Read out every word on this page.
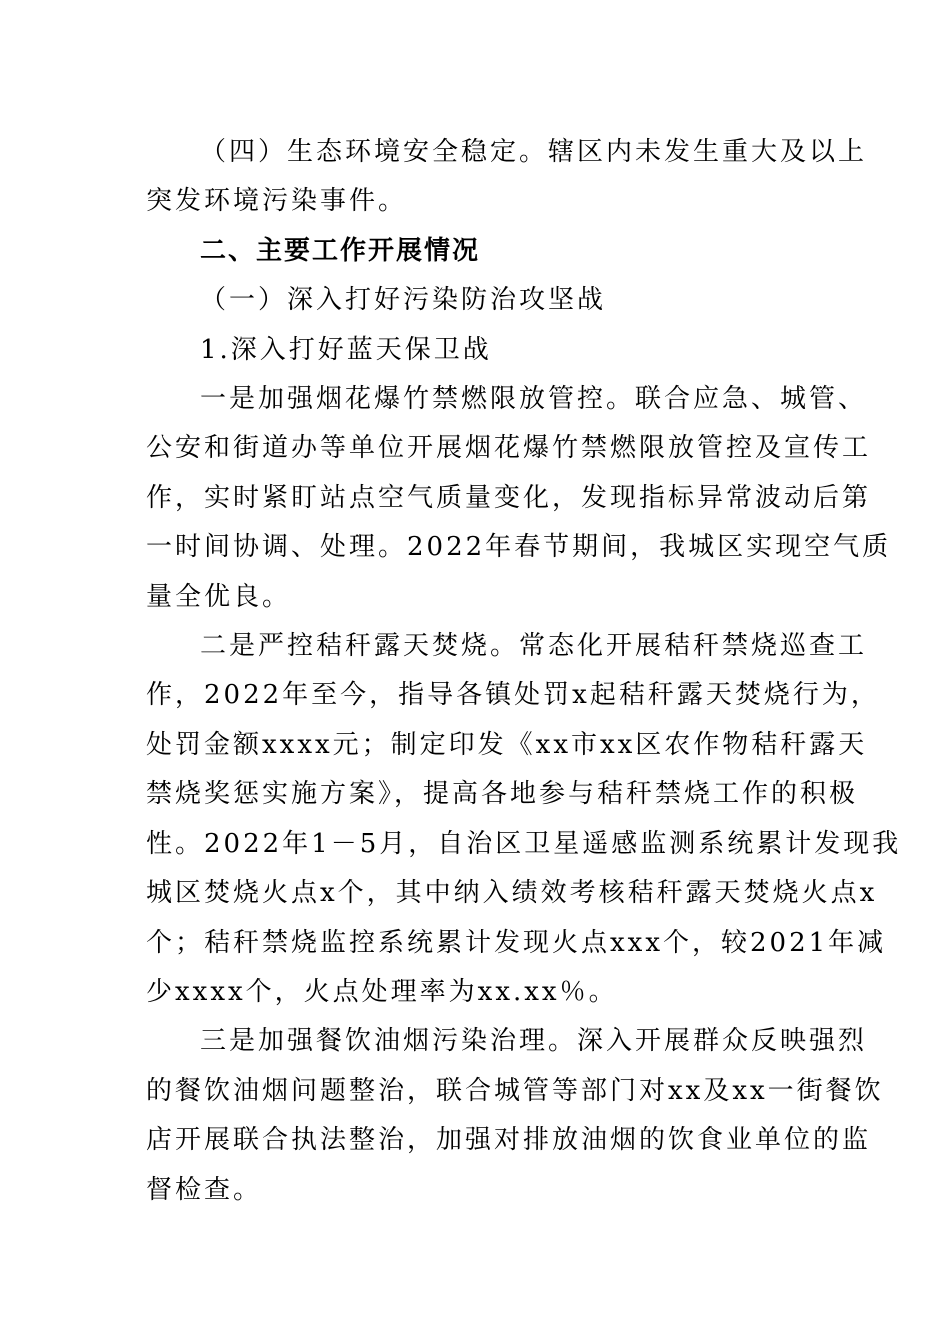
（四）生态环境安全稳定。辖区内未发生重大及以上

突发环境污染事件。

二、主要工作开展情况

（一）深入打好污染防治攻坚战

1.深入打好蓝天保卫战

一是加强烟花爆竹禁燃限放管控。联合应急、城管、

公安和街道办等单位开展烟花爆竹禁燃限放管控及宣传工

作，实时紧盯站点空气质量变化，发现指标异常波动后第

一时间协调、处理。2022年春节期间，我城区实现空气质

量全优良。

二是严控秸秆露天焚烧。常态化开展秸秆禁烧巡查工

作，2022年至今，指导各镇处罚x起秸秆露天焚烧行为，

处罚金额xxxx元；制定印发《xx市xx区农作物秸秆露天

禁烧奖惩实施方案》，提高各地参与秸秆禁烧工作的积极

性。2022年1－5月，自治区卫星遥感监测系统累计发现我

城区焚烧火点x个，其中纳入绩效考核秸秆露天焚烧火点x

个；秸秆禁烧监控系统累计发现火点xxx个，较2021年减

少xxxx个，火点处理率为xx.xx％。

三是加强餐饮油烟污染治理。深入开展群众反映强烈

的餐饮油烟问题整治，联合城管等部门对xx及xx一街餐饮

店开展联合执法整治，加强对排放油烟的饮食业单位的监

督检查。
